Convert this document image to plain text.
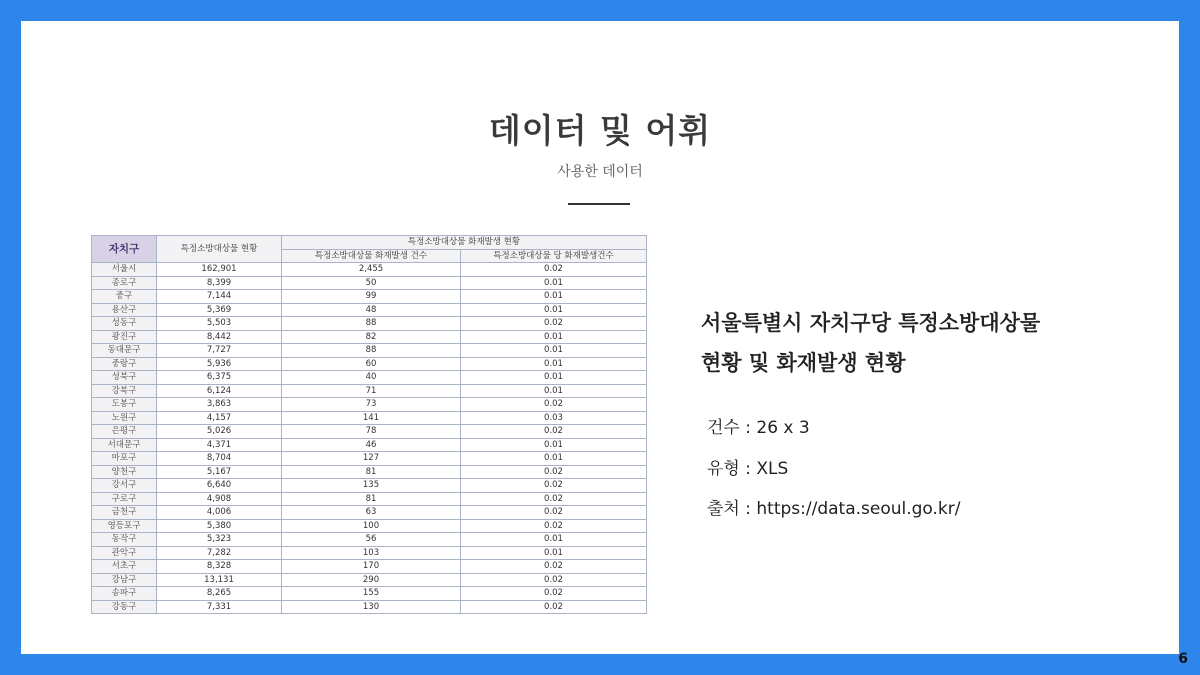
데이터 및 어휘
사용한 데이터
자치구	특정소방대상물 현황	특정소방대상물 화재발생 현황	
		특정소방대상물 화재발생 건수	특정소방대상물 당 화재발생건수
서울시	162,901	2,455	0.02
종로구	8,399	50	0.01
중구	7,144	99	0.01
용산구	5,369	48	0.01
성동구	5,503	88	0.02
광진구	8,442	82	0.01
동대문구	7,727	88	0.01
중랑구	5,936	60	0.01
성북구	6,375	40	0.01
강북구	6,124	71	0.01
도봉구	3,863	73	0.02
노원구	4,157	141	0.03
은평구	5,026	78	0.02
서대문구	4,371	46	0.01
마포구	8,704	127	0.01
양천구	5,167	81	0.02
강서구	6,640	135	0.02
구로구	4,908	81	0.02
금천구	4,006	63	0.02
영등포구	5,380	100	0.02
동작구	5,323	56	0.01
관악구	7,282	103	0.01
서초구	8,328	170	0.02
강남구	13,131	290	0.02
송파구	8,265	155	0.02
강동구	7,331	130	0.02
서울특별시 자치구당 특정소방대상물
현황 및 화재발생 현황
건수 : 26 x 3
유형 : XLS
출처 : https://data.seoul.go.kr/
6
